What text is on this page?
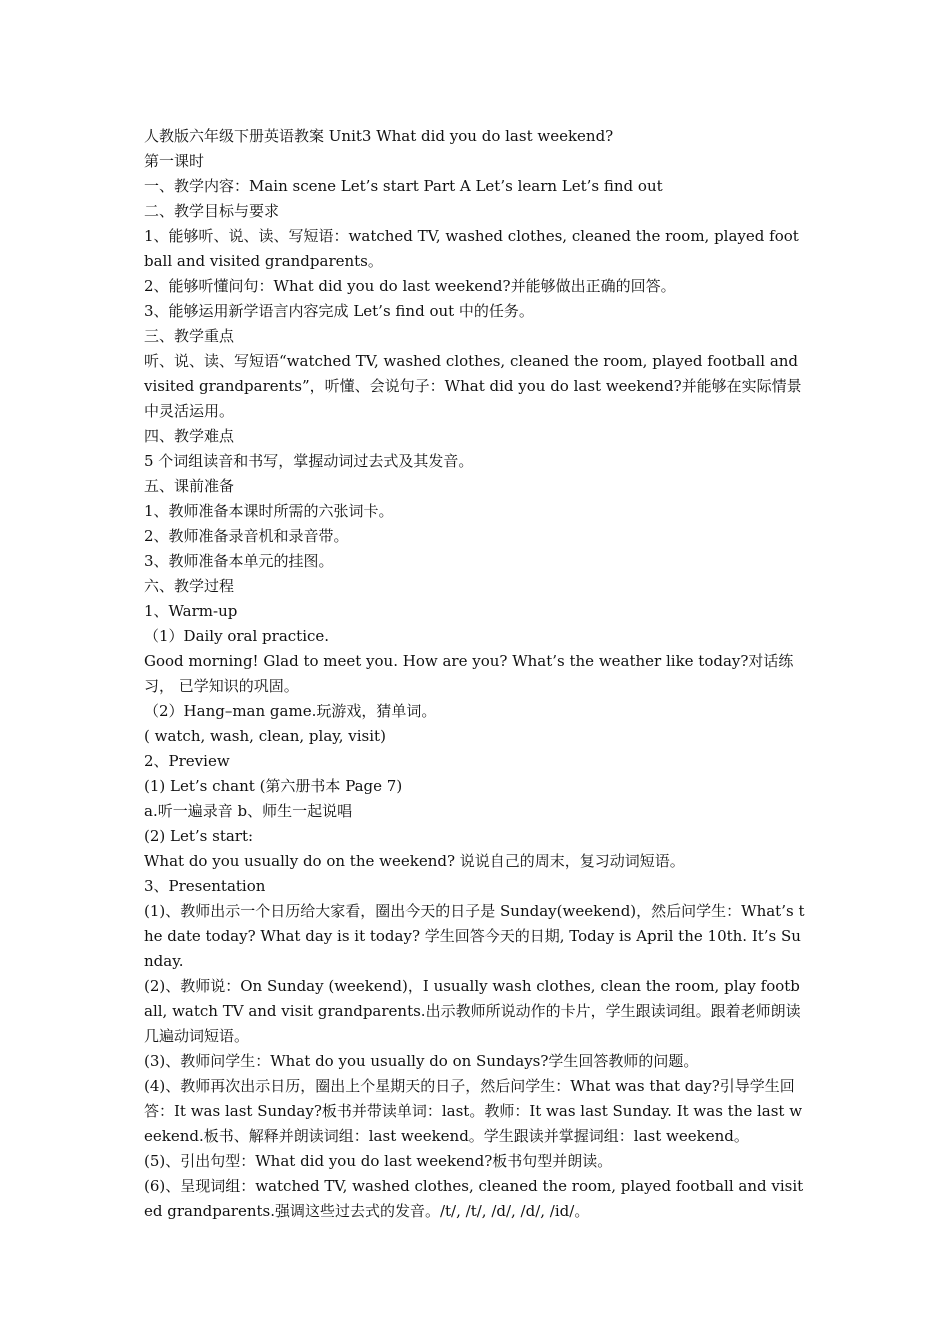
人教版六年级下册英语教案 Unit3 What did you do last weekend?

第一课时

一、教学内容：Main scene Let’s start Part A Let’s learn Let’s find out

二、教学目标与要求

1、能够听、说、读、写短语：watched TV, washed clothes, cleaned the room, played football and visited grandparents。

2、能够听懂问句：What did you do last weekend?并能够做出正确的回答。

3、能够运用新学语言内容完成 Let’s find out 中的任务。

三、教学重点

听、说、读、写短语“watched TV, washed clothes, cleaned the room, played football and visited grandparents”，听懂、会说句子：What did you do last weekend?并能够在实际情景中灵活运用。

四、教学难点

5 个词组读音和书写，掌握动词过去式及其发音。

五、课前准备

1、教师准备本课时所需的六张词卡。

2、教师准备录音机和录音带。

3、教师准备本单元的挂图。

六、教学过程

1、Warm-up

（1）Daily oral practice.

Good morning! Glad to meet you. How are you? What’s the weather like today?对话练习， 已学知识的巩固。

（2）Hang–man game.玩游戏，猜单词。

( watch, wash, clean, play, visit)

2、Preview

(1) Let’s chant (第六册书本 Page 7)

a.听一遍录音 b、师生一起说唱

(2) Let’s start:

What do you usually do on the weekend? 说说自己的周末，复习动词短语。

3、Presentation

(1)、教师出示一个日历给大家看，圈出今天的日子是 Sunday(weekend)，然后问学生：What’s the date today? What day is it today? 学生回答今天的日期, Today is April the 10th. It’s Sunday.

(2)、教师说：On Sunday (weekend)，I usually wash clothes, clean the room, play football, watch TV and visit grandparents.出示教师所说动作的卡片，学生跟读词组。跟着老师朗读几遍动词短语。

(3)、教师问学生：What do you usually do on Sundays?学生回答教师的问题。

(4)、教师再次出示日历，圈出上个星期天的日子，然后问学生：What was that day?引导学生回答：It was last Sunday?板书并带读单词：last。教师：It was last Sunday. It was the last weekend.板书、解释并朗读词组：last weekend。学生跟读并掌握词组：last weekend。

(5)、引出句型：What did you do last weekend?板书句型并朗读。

(6)、呈现词组：watched TV, washed clothes, cleaned the room, played football and visited grandparents.强调这些过去式的发音。/t/, /t/, /d/, /d/, /id/。
